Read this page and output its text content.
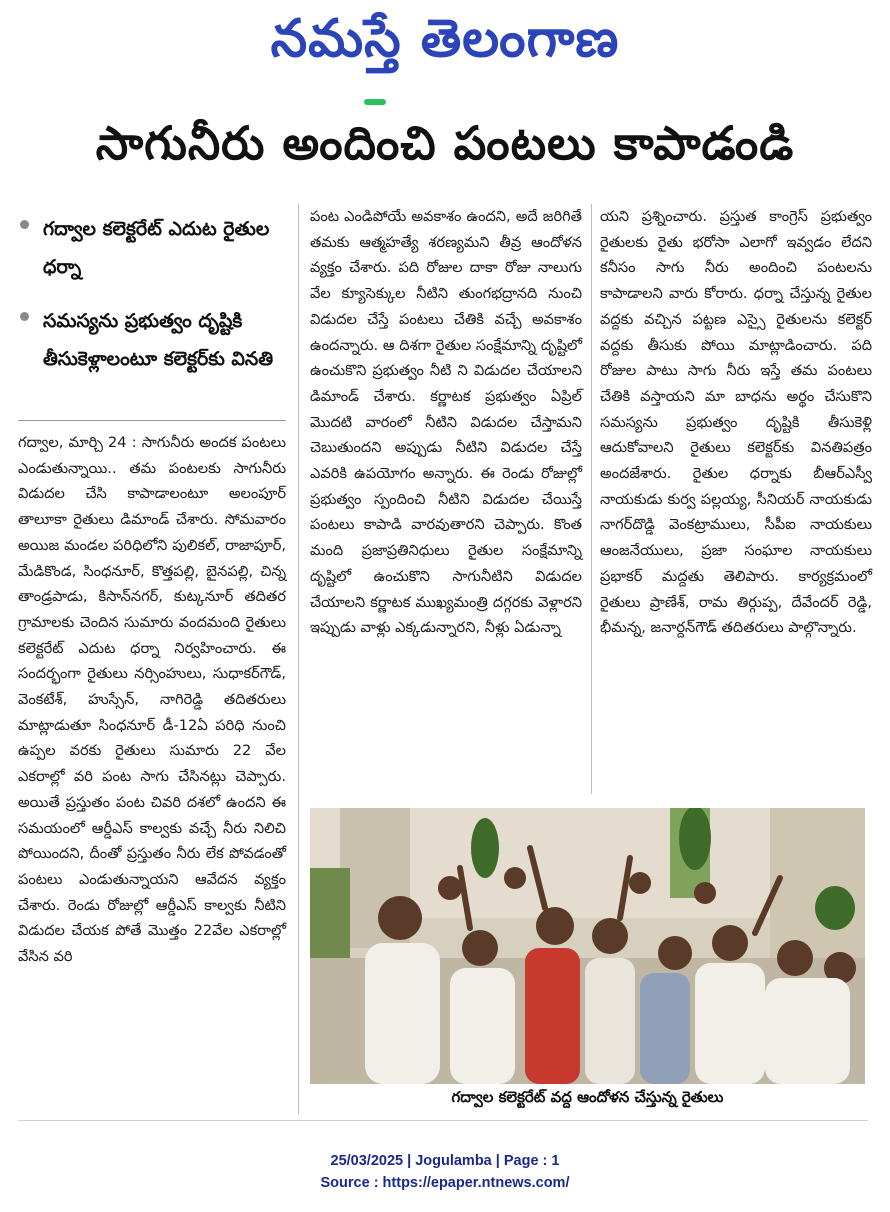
నమస్తే తెలంగాణ
సాగునీరు అందించి పంటలు కాపాడండి
గద్వాల కలెక్టరేట్ ఎదుట రైతుల ధర్నా
సమస్యను ప్రభుత్వం దృష్టికి తీసుకెళ్లాలంటూ కలెక్టర్‌కు వినతి
గద్వాల, మార్చి 24 : సాగునీరు అందక పంటలు ఎండుతున్నాయి.. తమ పంటలకు సాగునీరు విడుదల చేసి కాపాడాలంటూ అలంపూర్ తాలూకా రైతులు డిమాండ్ చేశారు. సోమవారం అయిజ మండల పరిధిలోని పులికల్, రాజాపూర్, మేడికొండ, సింధనూర్, కొత్తపల్లి, బైనపల్లి, చిన్న తాండ్రపాడు, కిసాన్‌నగర్, కుట్కనూర్ తదితర గ్రామాలకు చెందిన సుమారు వందమంది రైతులు కలెక్టరేట్ ఎదుట ధర్నా నిర్వహించారు. ఈ సందర్భంగా రైతులు నర్సింహులు, సుధాకర్‌గౌడ్, వెంకటేశ్, హుస్సేన్, నాగిరెడ్డి తదితరులు మాట్లాడుతూ సింధనూర్ డీ-12ఏ పరిధి నుంచి ఉప్పల వరకు రైతులు సుమారు 22 వేల ఎకరాల్లో వరి పంట సాగు చేసినట్లు చెప్పారు. అయితే ప్రస్తుతం పంట చివరి దశలో ఉందని ఈ సమయంలో ఆర్డీఎస్ కాల్వకు వచ్చే నీరు నిలిచి పోయిందని, దీంతో ప్రస్తుతం నీరు లేక పోవడంతో పంటలు ఎండుతున్నాయని ఆవేదన వ్యక్తం చేశారు. రెండు రోజుల్లో ఆర్డీఎస్ కాల్వకు నీటిని విడుదల చేయక పోతే మొత్తం 22వేల ఎకరాల్లో వేసిన వరి
పంట ఎండిపోయే అవకాశం ఉందని, అదే జరిగితే తమకు ఆత్మహత్యే శరణ్యమని తీవ్ర ఆందోళన వ్యక్తం చేశారు. పది రోజుల దాకా రోజు నాలుగు వేల క్యూసెక్కుల నీటిని తుంగభద్రానది నుంచి విడుదల చేస్తే పంటలు చేతికి వచ్చే అవకాశం ఉందన్నారు. ఆ దిశగా రైతుల సంక్షేమాన్ని దృష్టిలో ఉంచుకొని ప్రభుత్వం నీటి ని విడుదల చేయాలని డిమాండ్ చేశారు. కర్ణాటక ప్రభుత్వం ఏప్రిల్ మొదటి వారంలో నీటిని విడుదల చేస్తామని చెబుతుందని అప్పుడు నీటిని విడుదల చేస్తే ఎవరికి ఉపయోగం అన్నారు. ఈ రెండు రోజుల్లో ప్రభుత్వం స్పందించి నీటిని విడుదల చేయిస్తే పంటలు కాపాడి వారవుతారని చెప్పారు. కొంత మంది ప్రజాప్రతినిధులు రైతుల సంక్షేమాన్ని దృష్టిలో ఉంచుకొని సాగునీటిని విడుదల చేయాలని కర్ణాటక ముఖ్యమంత్రి దగ్గరకు వెళ్లారని ఇప్పుడు వాళ్లు ఎక్కడున్నారని, నీళ్లు ఏడున్నా
యని ప్రశ్నించారు. ప్రస్తుత కాంగ్రెస్ ప్రభుత్వం రైతులకు రైతు భరోసా ఎలాగో ఇవ్వడం లేదని కనీసం సాగు నీరు అందించి పంటలను కాపాడాలని వారు కోరారు. ధర్నా చేస్తున్న రైతుల వద్దకు వచ్చిన పట్టణ ఎస్సై రైతులను కలెక్టర్ వద్దకు తీసుకు పోయి మాట్లాడించారు. పది రోజుల పాటు సాగు నీరు ఇస్తే తమ పంటలు చేతికి వస్తాయని మా బాధను అర్థం చేసుకొని సమస్యను ప్రభుత్వం దృష్టికి తీసుకెళ్లి ఆదుకోవాలని రైతులు కలెక్టర్‌కు వినతిపత్రం అందజేశారు. రైతుల ధర్నాకు బీఆర్ఎస్వీ నాయకుడు కుర్వ పల్లయ్య, సీనియర్ నాయకుడు నాగర్‌దొడ్డి వెంకట్రాములు, సీపీఐ నాయకులు ఆంజనేయులు, ప్రజా సంఘాల నాయకులు ప్రభాకర్ మద్దతు తెలిపారు. కార్యక్రమంలో రైతులు ప్రాణేశ్, రామ తిర్గుప్ప, దేవేందర్ రెడ్డి, భీమన్న, జనార్దన్‌గౌడ్ తదితరులు పాల్గొన్నారు.
గద్వాల కలెక్టరేట్ వద్ద ఆందోళన చేస్తున్న రైతులు
25/03/2025 | Jogulamba | Page : 1
Source : https://epaper.ntnews.com/
